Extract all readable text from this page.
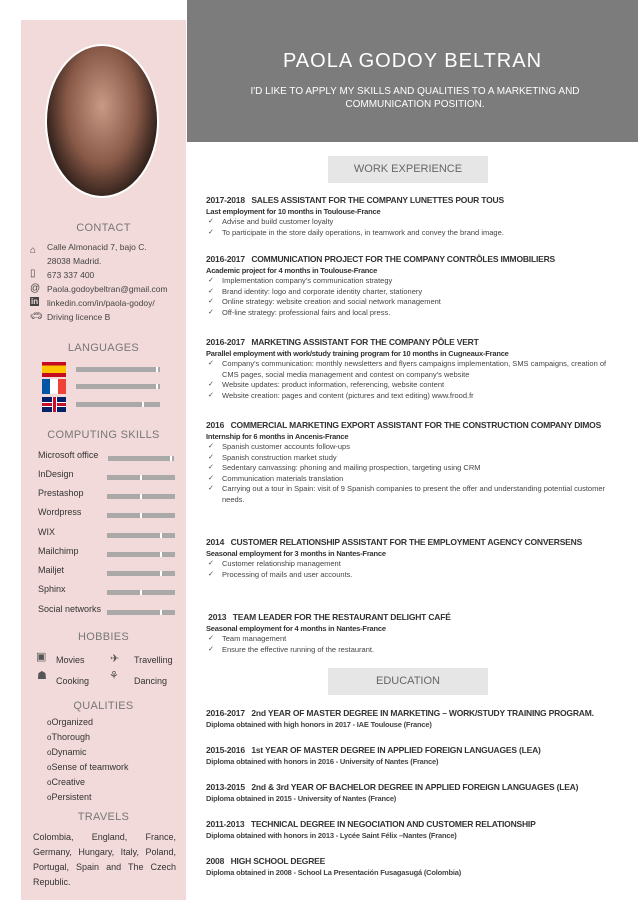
PAOLA GODOY BELTRAN
I'D LIKE TO APPLY MY SKILLS AND QUALITIES TO A MARKETING AND COMMUNICATION POSITION.
CONTACT
⌂ Calle Almonacid 7, bajo C.
28038 Madrid.
▯ 673 337 400
@ Paola.godoybeltran@gmail.com
in linkedin.com/in/paola-godoy/
🚗︎ Driving licence B
LANGUAGES
COMPUTING SKILLS
Microsoft office
InDesign
Prestashop
Wordpress
WIX
Mailchimp
Mailjet
Sphinx
Social networks
HOBBIES
▣ Movies ✈ Travelling
☗ Cooking ⚘ Dancing
QUALITIES
oOrganized
oThorough
oDynamic
oSense of teamwork
oCreative
oPersistent
TRAVELS
Colombia, England, France, Germany, Hungary, Italy, Poland, Portugal, Spain and The Czech Republic.
WORK EXPERIENCE
2017-2018   SALES ASSISTANT FOR THE COMPANY LUNETTES POUR TOUS
Last employment for 10 months in Toulouse-France
✓ Advise and build customer loyalty
✓ To participate in the store daily operations, in teamwork and convey the brand image.
2016-2017   COMMUNICATION PROJECT FOR THE COMPANY CONTRÔLES IMMOBILIERS
Academic project for 4 months in Toulouse-France
✓ Implementation company's communication strategy
✓ Brand identity: logo and corporate identity charter, stationery
✓ Online strategy: website creation and social network management
✓ Off-line strategy: professional fairs and local press.
2016-2017   MARKETING ASSISTANT FOR THE COMPANY PÔLE VERT
Parallel employment with work/study training program for 10 months in Cugneaux-France
✓ Company's communication: monthly newsletters and flyers campaigns implementation, SMS campaigns, creation of CMS pages, social media management and contest on company's website
✓ Website updates: product information, referencing, website content
✓ Website creation: pages and content (pictures and text editing) www.frood.fr
2016   COMMERCIAL MARKETING EXPORT ASSISTANT FOR THE CONSTRUCTION COMPANY DIMOS
Internship for 6 months in Ancenis-France
✓ Spanish customer accounts follow-ups
✓ Spanish construction market study
✓ Sedentary canvassing: phoning and mailing prospection, targeting using CRM
✓ Communication materials translation
✓ Carrying out a tour in Spain: visit of 9 Spanish companies to present the offer and understanding potential customer needs.
2014   CUSTOMER RELATIONSHIP ASSISTANT FOR THE EMPLOYMENT AGENCY CONVERSENS
Seasonal employment for 3 months in Nantes-France
✓ Customer relationship management
✓ Processing of mails and user accounts.
2013   TEAM LEADER FOR THE RESTAURANT DELIGHT CAFÉ
Seasonal employment for 4 months in Nantes-France
✓ Team management
✓ Ensure the effective running of the restaurant.
EDUCATION
2016-2017   2nd YEAR OF MASTER DEGREE IN MARKETING – WORK/STUDY TRAINING PROGRAM.
Diploma obtained with high honors in 2017 - IAE Toulouse (France)
2015-2016   1st YEAR OF MASTER DEGREE IN APPLIED FOREIGN LANGUAGES (LEA)
Diploma obtained with honors in 2016 - University of Nantes (France)
2013-2015   2nd & 3rd YEAR OF BACHELOR DEGREE IN APPLIED FOREIGN LANGUAGES (LEA)
Diploma obtained in 2015 - University of Nantes (France)
2011-2013   TECHNICAL DEGREE IN NEGOCIATION AND CUSTOMER RELATIONSHIP
Diploma obtained with honors in 2013 - Lycée Saint Félix –Nantes (France)
2008   HIGH SCHOOL DEGREE
Diploma obtained in 2008 - School La Presentación Fusagasugá (Colombia)
